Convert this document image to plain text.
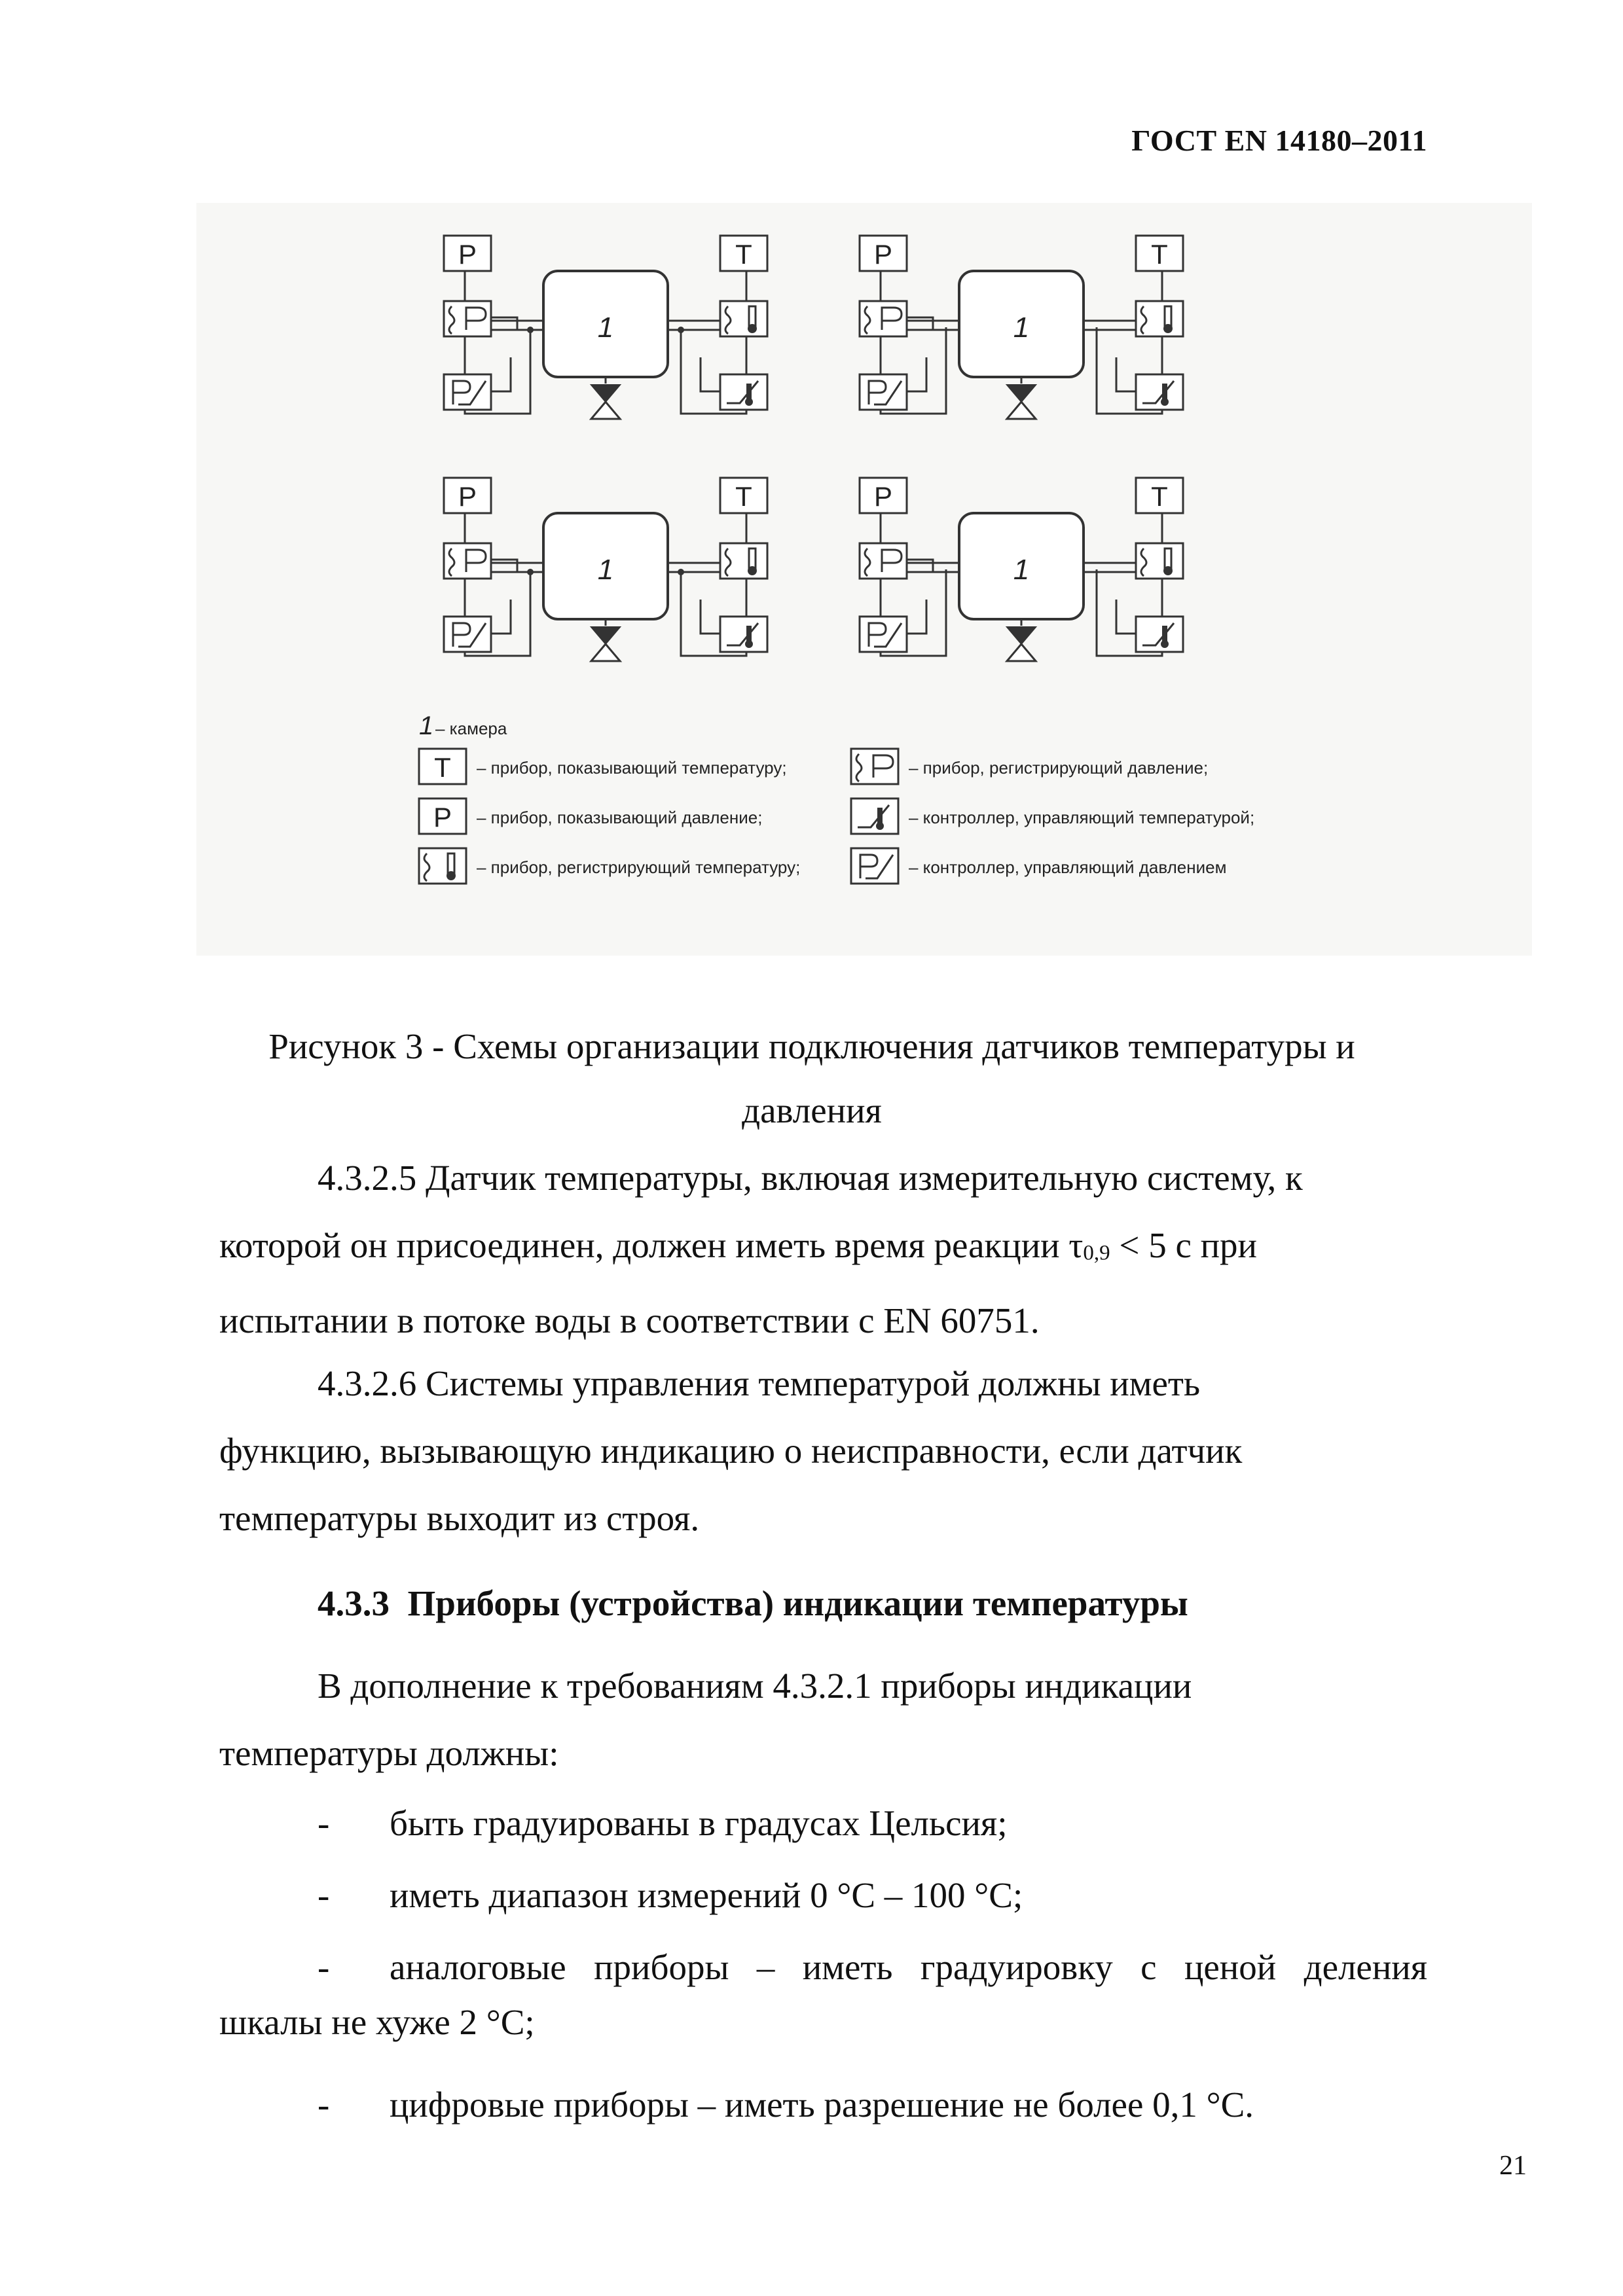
ГОСТ EN 14180–2011
P	T
1
P	T
1
P	T
1
P	T
1
1 – камера
T – прибор, показывающий температуру;	– прибор, регистрирующий давление;
P – прибор, показывающий давление;	– контроллер, управляющий температурой;
– прибор, регистрирующий температуру;	– контроллер, управляющий давлением
Рисунок 3 - Схемы организации подключения датчиков температуры и
давления
4.3.2.5 Датчик температуры, включая измерительную систему, к
которой он присоединен, должен иметь время реакции $\tau_{0,9} < 5$ с при
испытании в потоке воды в соответствии с EN 60751.
4.3.2.6 Системы управления температурой должны иметь
функцию, вызывающую индикацию о неисправности, если датчик
температуры выходит из строя.
4.3.3 Приборы (устройства) индикации температуры
В дополнение к требованиям 4.3.2.1 приборы индикации
температуры должны:
- быть градуированы в градусах Цельсия;
- иметь диапазон измерений 0 °C – 100 °C;
- аналоговые приборы – иметь градуировку с ценой деления
шкалы не хуже 2 °C;
- цифровые приборы – иметь разрешение не более 0,1 °C.
21
